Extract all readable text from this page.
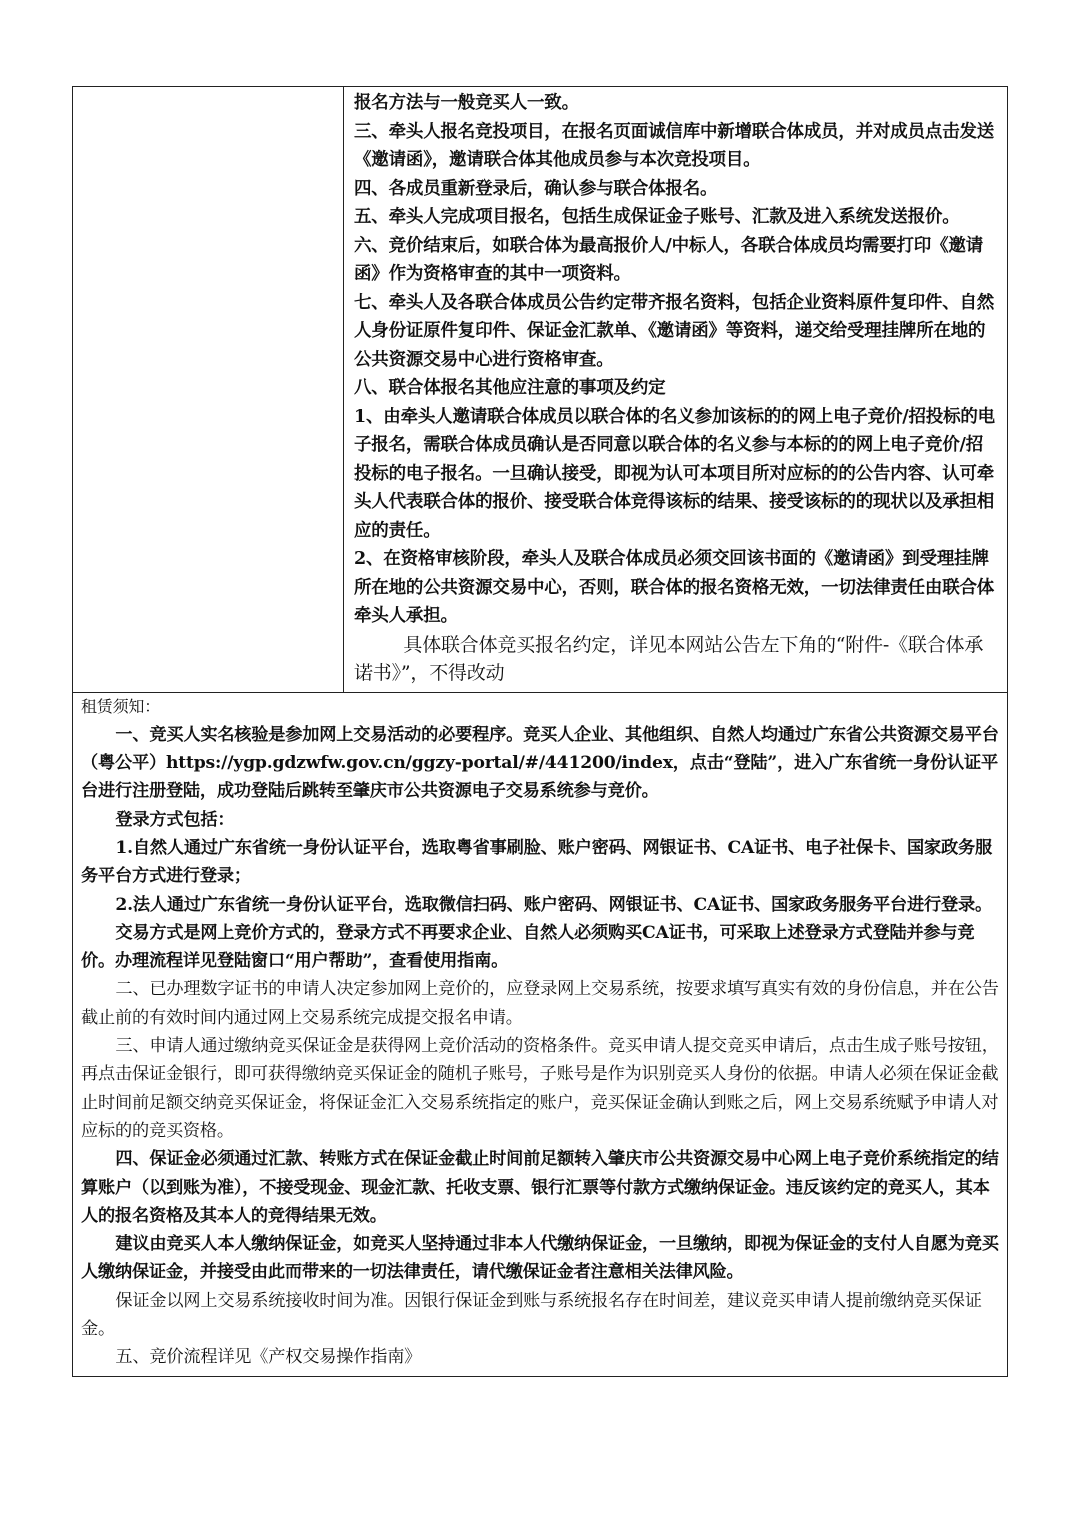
报名方法与一般竞买人一致。

三、牵头人报名竞投项目，在报名页面诚信库中新增联合体成员，并对成员点击发送《邀请函》，邀请联合体其他成员参与本次竞投项目。

四、各成员重新登录后，确认参与联合体报名。

五、牵头人完成项目报名，包括生成保证金子账号、汇款及进入系统发送报价。

六、竞价结束后，如联合体为最高报价人/中标人，各联合体成员均需要打印《邀请函》作为资格审查的其中一项资料。

七、牵头人及各联合体成员公告约定带齐报名资料，包括企业资料原件复印件、自然人身份证原件复印件、保证金汇款单、《邀请函》等资料，递交给受理挂牌所在地的公共资源交易中心进行资格审查。

八、联合体报名其他应注意的事项及约定

1、由牵头人邀请联合体成员以联合体的名义参加该标的的网上电子竞价/招投标的电子报名，需联合体成员确认是否同意以联合体的名义参与本标的的网上电子竞价/招投标的电子报名。一旦确认接受，即视为认可本项目所对应标的的公告内容、认可牵头人代表联合体的报价、接受联合体竞得该标的结果、接受该标的的现状以及承担相应的责任。

2、在资格审核阶段，牵头人及联合体成员必须交回该书面的《邀请函》到受理挂牌所在地的公共资源交易中心，否则，联合体的报名资格无效，一切法律责任由联合体牵头人承担。

具体联合体竞买报名约定，详见本网站公告左下角的“附件-《联合体承诺书》”，不得改动

租赁须知：

一、竞买人实名核验是参加网上交易活动的必要程序。竞买人企业、其他组织、自然人均通过广东省公共资源交易平台（粤公平）https://ygp.gdzwfw.gov.cn/ggzy-portal/#/441200/index，点击“登陆”，进入广东省统一身份认证平台进行注册登陆，成功登陆后跳转至肇庆市公共资源电子交易系统参与竞价。

登录方式包括：

1.自然人通过广东省统一身份认证平台，选取粤省事刷脸、账户密码、网银证书、CA证书、电子社保卡、国家政务服务平台方式进行登录；

2.法人通过广东省统一身份认证平台，选取微信扫码、账户密码、网银证书、CA证书、国家政务服务平台进行登录。

交易方式是网上竞价方式的，登录方式不再要求企业、自然人必须购买CA证书，可采取上述登录方式登陆并参与竞价。办理流程详见登陆窗口“用户帮助”，查看使用指南。

二、已办理数字证书的申请人决定参加网上竞价的，应登录网上交易系统，按要求填写真实有效的身份信息，并在公告截止前的有效时间内通过网上交易系统完成提交报名申请。

三、申请人通过缴纳竞买保证金是获得网上竞价活动的资格条件。竞买申请人提交竞买申请后，点击生成子账号按钮，再点击保证金银行，即可获得缴纳竞买保证金的随机子账号，子账号是作为识别竞买人身份的依据。申请人必须在保证金截止时间前足额交纳竞买保证金，将保证金汇入交易系统指定的账户，竞买保证金确认到账之后，网上交易系统赋予申请人对应标的的竞买资格。

四、保证金必须通过汇款、转账方式在保证金截止时间前足额转入肇庆市公共资源交易中心网上电子竞价系统指定的结算账户（以到账为准），不接受现金、现金汇款、托收支票、银行汇票等付款方式缴纳保证金。违反该约定的竞买人，其本人的报名资格及其本人的竞得结果无效。

建议由竞买人本人缴纳保证金，如竞买人坚持通过非本人代缴纳保证金，一旦缴纳，即视为保证金的支付人自愿为竞买人缴纳保证金，并接受由此而带来的一切法律责任，请代缴保证金者注意相关法律风险。

保证金以网上交易系统接收时间为准。因银行保证金到账与系统报名存在时间差，建议竞买申请人提前缴纳竞买保证金。

五、竞价流程详见《产权交易操作指南》
